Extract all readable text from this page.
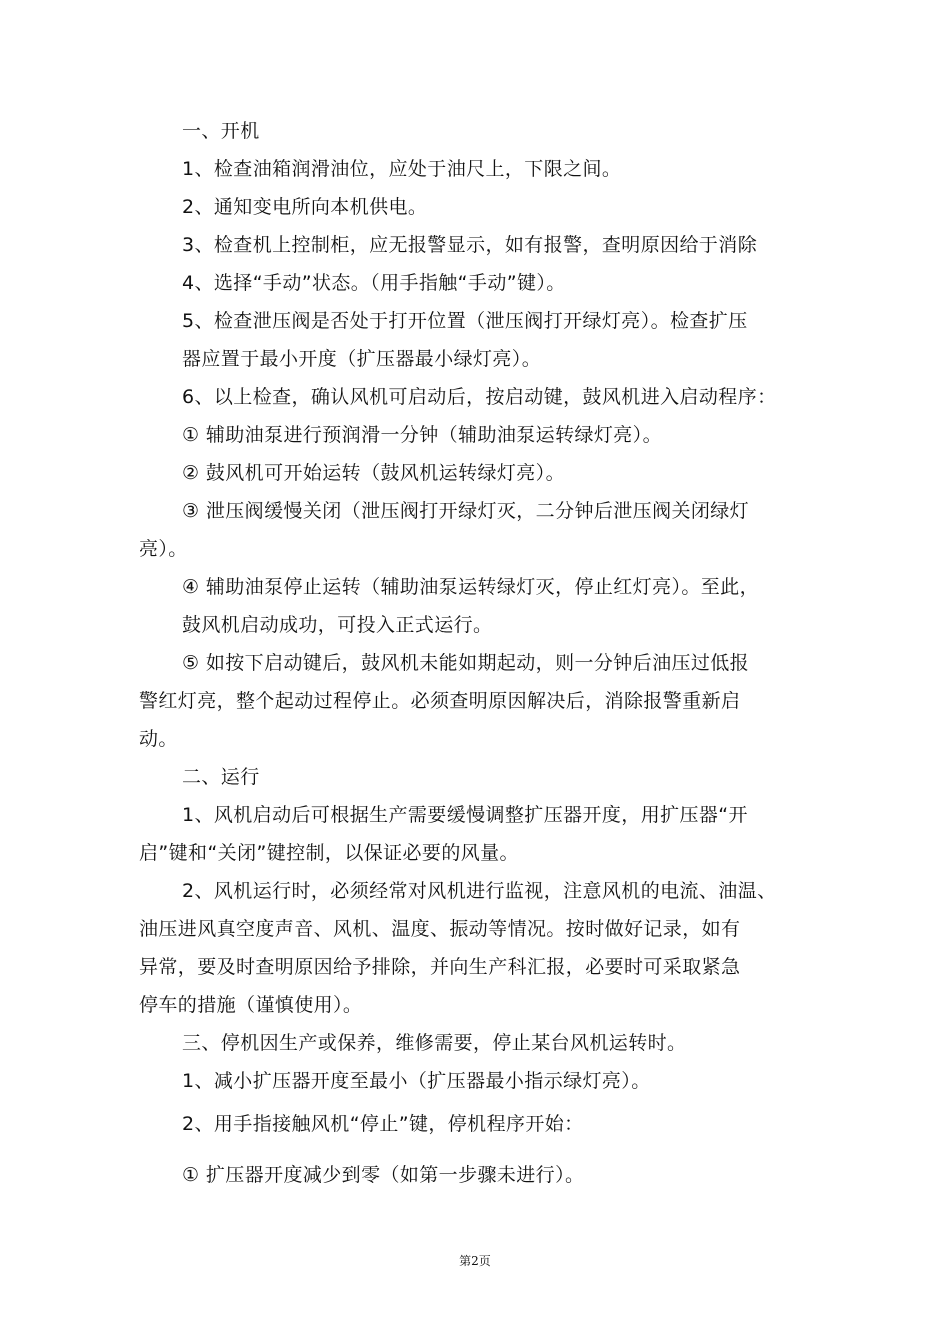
一、开机
1、检查油箱润滑油位，应处于油尺上，下限之间。
2、通知变电所向本机供电。
3、检查机上控制柜，应无报警显示，如有报警，查明原因给于消除
4、选择“手动”状态。（用手指触“手动”键）。
5、检查泄压阀是否处于打开位置（泄压阀打开绿灯亮）。检查扩压
器应置于最小开度（扩压器最小绿灯亮）。
6、以上检查，确认风机可启动后，按启动键，鼓风机进入启动程序：
① 辅助油泵进行预润滑一分钟（辅助油泵运转绿灯亮）。
② 鼓风机可开始运转（鼓风机运转绿灯亮）。
③ 泄压阀缓慢关闭（泄压阀打开绿灯灭，二分钟后泄压阀关闭绿灯
亮）。
④ 辅助油泵停止运转（辅助油泵运转绿灯灭，停止红灯亮）。至此，
鼓风机启动成功，可投入正式运行。
⑤ 如按下启动键后，鼓风机未能如期起动，则一分钟后油压过低报
警红灯亮，整个起动过程停止。必须查明原因解决后，消除报警重新启
动。
二、运行
1、风机启动后可根据生产需要缓慢调整扩压器开度，用扩压器“开
启”键和“关闭”键控制，以保证必要的风量。
2、风机运行时，必须经常对风机进行监视，注意风机的电流、油温、
油压进风真空度声音、风机、温度、振动等情况。按时做好记录，如有
异常，要及时查明原因给予排除，并向生产科汇报，必要时可采取紧急
停车的措施（谨慎使用）。
三、停机因生产或保养，维修需要，停止某台风机运转时。
1、减小扩压器开度至最小（扩压器最小指示绿灯亮）。
2、用手指接触风机“停止”键，停机程序开始：
① 扩压器开度减少到零（如第一步骤未进行）。
第2页
